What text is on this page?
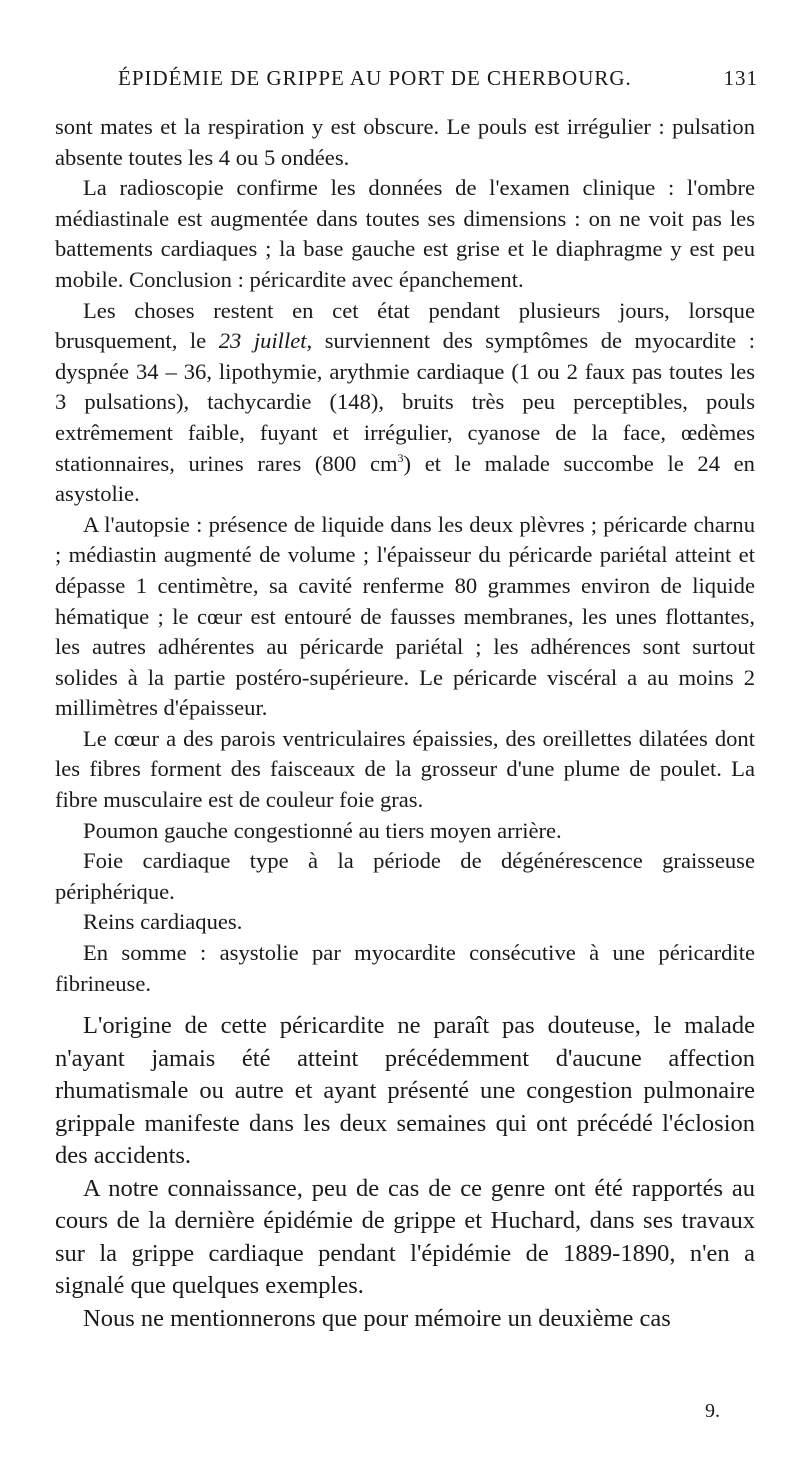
ÉPIDÉMIE DE GRIPPE AU PORT DE CHERBOURG.	131

sont mates et la respiration y est obscure. Le pouls est irrégulier : pulsation absente toutes les 4 ou 5 ondées.

La radioscopie confirme les données de l'examen clinique : l'ombre médiastinale est augmentée dans toutes ses dimensions : on ne voit pas les battements cardiaques ; la base gauche est grise et le diaphragme y est peu mobile. Conclusion : péricardite avec épanchement.

Les choses restent en cet état pendant plusieurs jours, lorsque brusquement, le 23 juillet, surviennent des symptômes de myocardite : dyspnée 34 – 36, lipothymie, arythmie cardiaque (1 ou 2 faux pas toutes les 3 pulsations), tachycardie (148), bruits très peu perceptibles, pouls extrêmement faible, fuyant et irrégulier, cyanose de la face, œdèmes stationnaires, urines rares (800 $cm^3$) et le malade succombe le 24 en asystolie.

A l'autopsie : présence de liquide dans les deux plèvres ; péricarde charnu ; médiastin augmenté de volume ; l'épaisseur du péricarde pariétal atteint et dépasse 1 centimètre, sa cavité renferme 80 grammes environ de liquide hématique ; le cœur est entouré de fausses membranes, les unes flottantes, les autres adhérentes au péricarde pariétal ; les adhérences sont surtout solides à la partie postéro-supérieure. Le péricarde viscéral a au moins 2 millimètres d'épaisseur.

Le cœur a des parois ventriculaires épaissies, des oreillettes dilatées dont les fibres forment des faisceaux de la grosseur d'une plume de poulet. La fibre musculaire est de couleur foie gras.

Poumon gauche congestionné au tiers moyen arrière.

Foie cardiaque type à la période de dégénérescence graisseuse périphérique.

Reins cardiaques.

En somme : asystolie par myocardite consécutive à une péricardite fibrineuse.

L'origine de cette péricardite ne paraît pas douteuse, le malade n'ayant jamais été atteint précédemment d'aucune affection rhumatismale ou autre et ayant présenté une congestion pulmonaire grippale manifeste dans les deux semaines qui ont précédé l'éclosion des accidents.

A notre connaissance, peu de cas de ce genre ont été rapportés au cours de la dernière épidémie de grippe et Huchard, dans ses travaux sur la grippe cardiaque pendant l'épidémie de 1889-1890, n'en a signalé que quelques exemples.

Nous ne mentionnerons que pour mémoire un deuxième cas

9.
